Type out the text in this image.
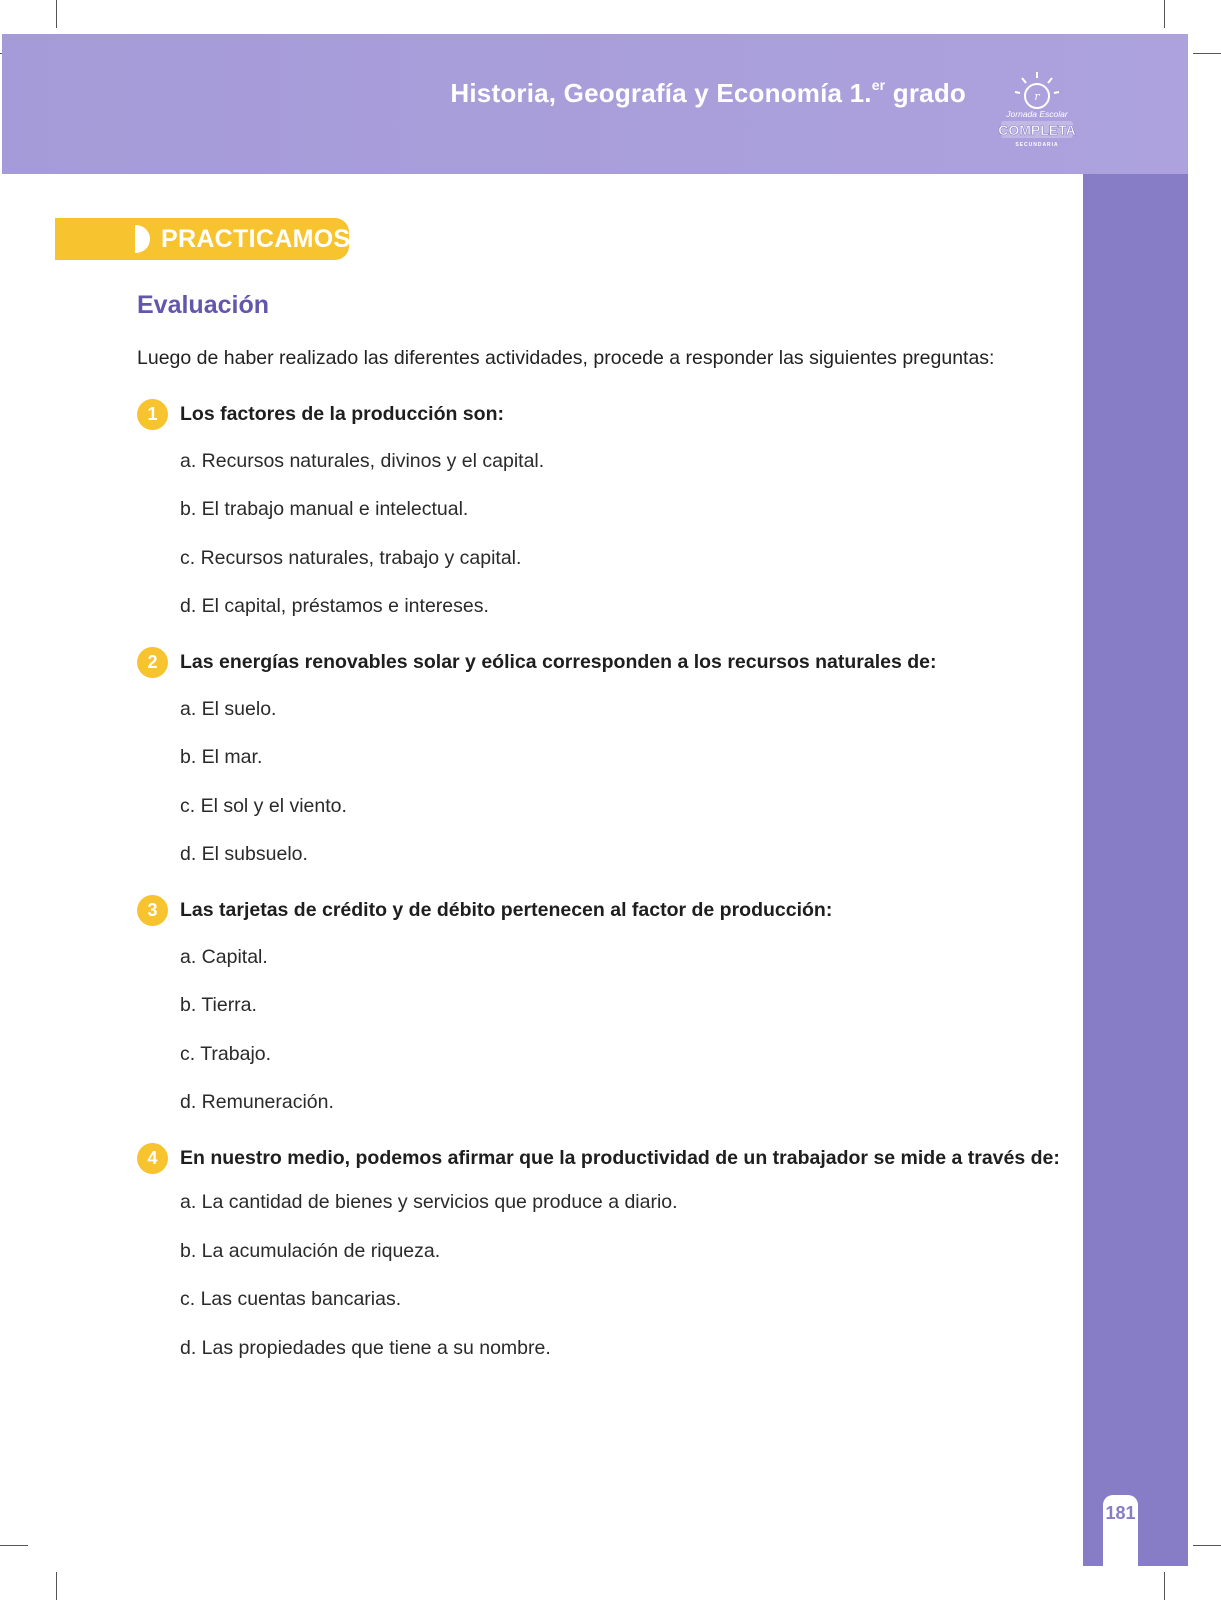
Historia, Geografía y Economía 1.$^{er}$ grado	r
Jornada Escolar
COMPLETA
SECUNDARIA
181
PRACTICAMOS
Evaluación
Luego de haber realizado las diferentes actividades, procede a responder las siguientes preguntas:
1	Los factores de la producción son:
a. Recursos naturales, divinos y el capital.
b. El trabajo manual e intelectual.
c. Recursos naturales, trabajo y capital.
d. El capital, préstamos e intereses.
2	Las energías renovables solar y eólica corresponden a los recursos naturales de:
a. El suelo.
b. El mar.
c. El sol y el viento.
d. El subsuelo.
3	Las tarjetas de crédito y de débito pertenecen al factor de producción:
a. Capital.
b. Tierra.
c. Trabajo.
d. Remuneración.
4	En nuestro medio, podemos afirmar que la productividad de un trabajador se mide a través de:
a. La cantidad de bienes y servicios que produce a diario.
b. La acumulación de riqueza.
c. Las cuentas bancarias.
d. Las propiedades que tiene a su nombre.
